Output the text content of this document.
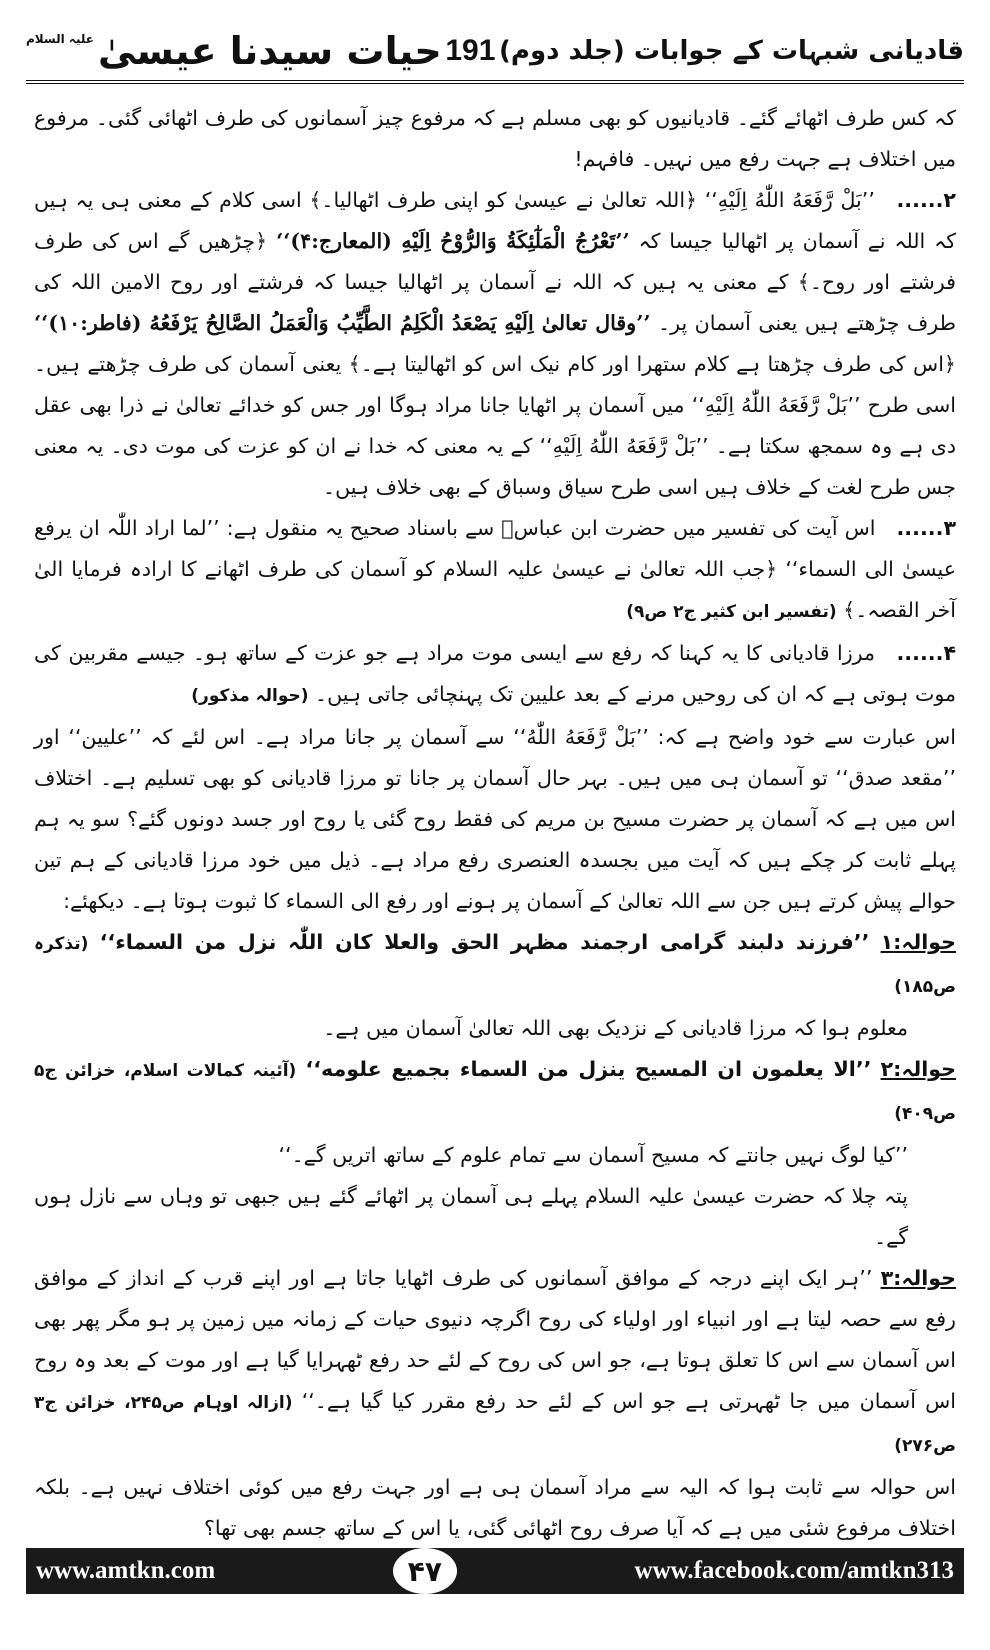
قادیانی شبہات کے جوابات (جلد دوم)
191
حیات سیدنا عیسیٰ
علیہ السلام

کہ کس طرف اٹھائے گئے۔ قادیانیوں کو بھی مسلم ہے کہ مرفوع چیز آسمانوں کی طرف اٹھائی گئی۔ مرفوع میں اختلاف ہے جہت رفع میں نہیں۔ فافہم!

۲...... ’’بَلْ رَّفَعَهُ اللّٰهُ اِلَيْهِ‘‘ ﴿اللہ تعالیٰ نے عیسیٰ کو اپنی طرف اٹھالیا۔﴾ اسی کلام کے معنی ہی یہ ہیں کہ اللہ نے آسمان پر اٹھالیا جیسا کہ ’’تَعْرُجُ الْمَلٰٓئِكَةُ وَالرُّوْحُ اِلَيْهِ (المعارج:۴)‘‘ ﴿چڑھیں گے اس کی طرف فرشتے اور روح۔﴾ کے معنی یہ ہیں کہ اللہ نے آسمان پر اٹھالیا جیسا کہ فرشتے اور روح الامین اللہ کی طرف چڑھتے ہیں یعنی آسمان پر۔ ’’وقال تعالیٰ اِلَيْهِ يَصْعَدُ الْكَلِمُ الطَّيِّبُ وَالْعَمَلُ الصَّالِحُ يَرْفَعُهُ (فاطر:۱۰)‘‘ ﴿اس کی طرف چڑھتا ہے کلام ستھرا اور کام نیک اس کو اٹھالیتا ہے۔﴾ یعنی آسمان کی طرف چڑھتے ہیں۔ اسی طرح ’’بَلْ رَّفَعَهُ اللّٰهُ اِلَيْهِ‘‘ میں آسمان پر اٹھایا جانا مراد ہوگا اور جس کو خدائے تعالیٰ نے ذرا بھی عقل دی ہے وہ سمجھ سکتا ہے۔ ’’بَلْ رَّفَعَهُ اللّٰهُ اِلَيْهِ‘‘ کے یہ معنی کہ خدا نے ان کو عزت کی موت دی۔ یہ معنی جس طرح لغت کے خلاف ہیں اسی طرح سیاق وسباق کے بھی خلاف ہیں۔

۳...... اس آیت کی تفسیر میں حضرت ابن عباسؓ سے باسناد صحیح یہ منقول ہے: ’’لما اراد اللّٰہ ان یرفع عیسیٰ الی السماء‘‘ ﴿جب اللہ تعالیٰ نے عیسیٰ علیہ السلام کو آسمان کی طرف اٹھانے کا ارادہ فرمایا الیٰ آخر القصہ۔﴾ (تفسیر ابن کثیر ج۲ ص۹)

۴...... مرزا قادیانی کا یہ کہنا کہ رفع سے ایسی موت مراد ہے جو عزت کے ساتھ ہو۔ جیسے مقربین کی موت ہوتی ہے کہ ان کی روحیں مرنے کے بعد علیین تک پہنچائی جاتی ہیں۔ (حوالہ مذکور)

اس عبارت سے خود واضح ہے کہ: ’’بَلْ رَّفَعَهُ اللّٰهُ‘‘ سے آسمان پر جانا مراد ہے۔ اس لئے کہ ’’علیین‘‘ اور ’’مقعد صدق‘‘ تو آسمان ہی میں ہیں۔ بہر حال آسمان پر جانا تو مرزا قادیانی کو بھی تسلیم ہے۔ اختلاف اس میں ہے کہ آسمان پر حضرت مسیح بن مریم کی فقط روح گئی یا روح اور جسد دونوں گئے؟ سو یہ ہم پہلے ثابت کر چکے ہیں کہ آیت میں بجسدہ العنصری رفع مراد ہے۔ ذیل میں خود مرزا قادیانی کے ہم تین حوالے پیش کرتے ہیں جن سے اللہ تعالیٰ کے آسمان پر ہونے اور رفع الی السماء کا ثبوت ہوتا ہے۔ دیکھئے:

حوالہ:۱ ’’فرزند دلبند گرامی ارجمند مظہر الحق والعلا کان اللّٰہ نزل من السماء‘‘ (تذکرہ ص۱۸۵)

معلوم ہوا کہ مرزا قادیانی کے نزدیک بھی اللہ تعالیٰ آسمان میں ہے۔

حوالہ:۲ ’’الا یعلمون ان المسیح ینزل من السماء بجمیع علومه‘‘ (آئینہ کمالات اسلام، خزائن ج۵ ص۴۰۹)

’’کیا لوگ نہیں جانتے کہ مسیح آسمان سے تمام علوم کے ساتھ اتریں گے۔‘‘

پتہ چلا کہ حضرت عیسیٰ علیہ السلام پہلے ہی آسمان پر اٹھائے گئے ہیں جبھی تو وہاں سے نازل ہوں گے۔

حوالہ:۳ ’’ہر ایک اپنے درجہ کے موافق آسمانوں کی طرف اٹھایا جاتا ہے اور اپنے قرب کے انداز کے موافق رفع سے حصہ لیتا ہے اور انبیاء اور اولیاء کی روح اگرچہ دنیوی حیات کے زمانہ میں زمین پر ہو مگر پھر بھی اس آسمان سے اس کا تعلق ہوتا ہے، جو اس کی روح کے لئے حد رفع ٹھہرایا گیا ہے اور موت کے بعد وہ روح اس آسمان میں جا ٹھہرتی ہے جو اس کے لئے حد رفع مقرر کیا گیا ہے۔‘‘ (ازالہ اوہام ص۲۴۵، خزائن ج۳ ص۲۷۶)

اس حوالہ سے ثابت ہوا کہ الیہ سے مراد آسمان ہی ہے اور جہت رفع میں کوئی اختلاف نہیں ہے۔ بلکہ اختلاف مرفوع شئی میں ہے کہ آیا صرف روح اٹھائی گئی، یا اس کے ساتھ جسم بھی تھا؟

www.amtkn.com	۴۷	www.facebook.com/amtkn313
